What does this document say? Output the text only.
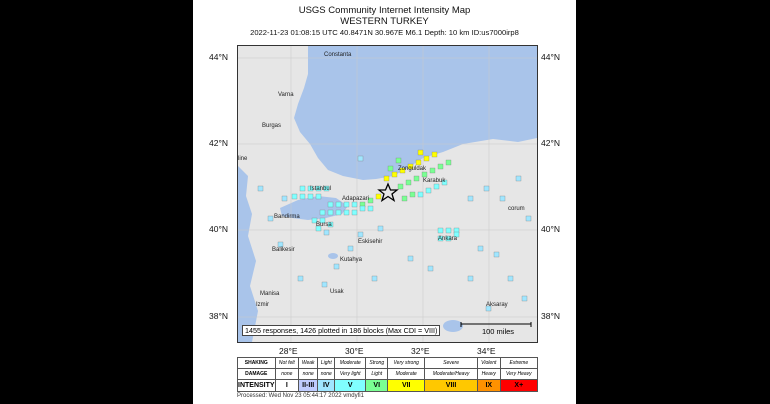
USGS Community Internet Intensity Map
WESTERN TURKEY
2022-11-23 01:08:15 UTC 40.8471N 30.967E M6.1 Depth: 10 km ID:us7000irp8
44°N
42°N
40°N
38°N
44°N
42°N
40°N
38°N
28°E	30°E	32°E	34°E
Constanta
Varna
Burgas
Zonguldak
Karabuk
Istanbul
Adapazari
Bandirma
Bursa
Eskisehir	Ankara
corum
Balikesir
Kutahya
Usak
Manisa
Izmir	Aksaray
line
1455 responses, 1426 plotted in 186 blocks (Max CDI = VIII)	100 miles
SHAKING	Not felt	Weak	Light	Moderate	Strong	Very strong	Severe	Violent	Extreme
DAMAGE	none	none	none	Very light	Light	Moderate	Moderate/Heavy	Heavy	Very Heavy
INTENSITY	I	II-III	IV	V	VI	VII	VIII	IX	X+
Processed: Wed Nov 23 05:44:17 2022 vmdyfi1
